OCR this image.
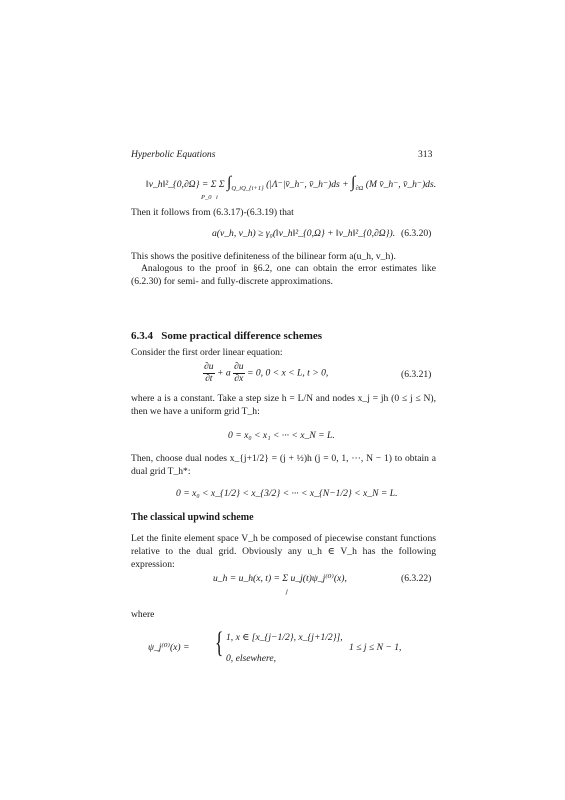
Hyperbolic Equations	313
‖v_h‖²_{0,∂Ω} = Σ Σ $\int_{Q\_iQ\_\{i+1\}}$ (|Λ⁻|v̄_h⁻, v̄_h⁻)ds + $\int_{\partial\Omega}$ (M v̄_h⁻, v̄_h⁻)ds.
P_0 i
Then it follows from (6.3.17)-(6.3.19) that
a(v_h, v_h) ≥ γ₀(‖v_h‖²_{0,Ω} + ‖v_h‖²_{0,∂Ω}). (6.3.20)
This shows the positive definiteness of the bilinear form a(u_h, v_h).
Analogous to the proof in §6.2, one can obtain the error estimates like (6.2.30) for semi- and fully-discrete approximations.
6.3.4 Some practical difference schemes
Consider the first order linear equation:
$\frac{\partial u}{\partial t} + a \frac{\partial u}{\partial x} = 0$, 0 < x < L, t > 0,	(6.3.21)
where a is a constant. Take a step size h = L/N and nodes x_j = jh (0 ≤ j ≤ N), then we have a uniform grid T_h:
0 = x₀ < x₁ < ··· < x_N = L.
Then, choose dual nodes x_{j+1/2} = (j + ½)h (j = 0, 1, ···, N − 1) to obtain a dual grid T_h*:
0 = x₀ < x_{1/2} < x_{3/2} < ··· < x_{N−1/2} < x_N = L.
The classical upwind scheme
Let the finite element space V_h be composed of piecewise constant functions relative to the dual grid. Obviously any u_h ∈ V_h has the following expression:
u_h = u_h(x, t) = Σ u_j(t)ψ_j⁽⁰⁾(x),
j
(6.3.22)
where
ψ_j⁽⁰⁾(x) = { 1, x ∈ [x_{j−1/2}, x_{j+1/2}],
0, elsewhere,
1 ≤ j ≤ N − 1,
